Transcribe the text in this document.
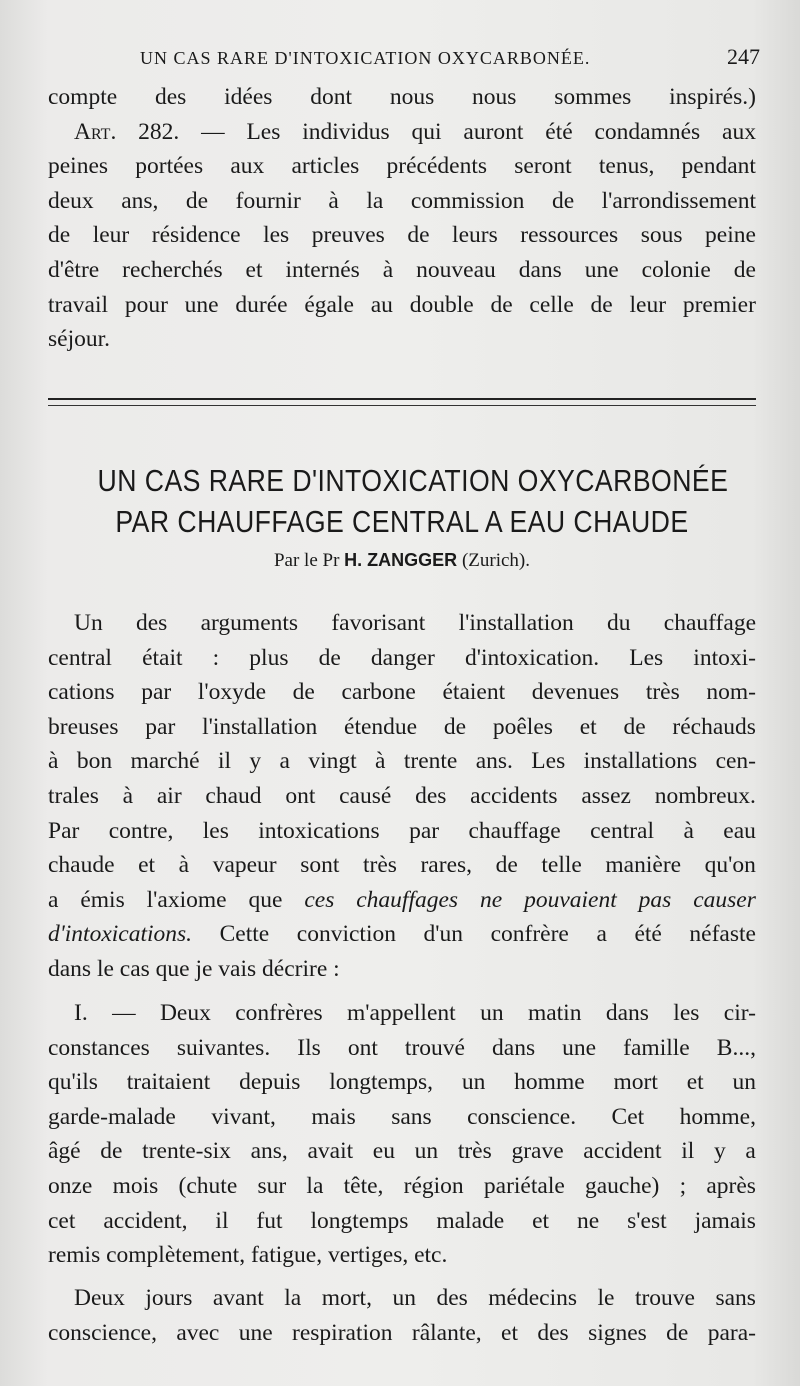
UN CAS RARE D'INTOXICATION OXYCARBONÉE.	247
compte des idées dont nous nous sommes inspirés.)
Art. 282. — Les individus qui auront été condamnés aux
peines portées aux articles précédents seront tenus, pendant
deux ans, de fournir à la commission de l'arrondissement
de leur résidence les preuves de leurs ressources sous peine
d'être recherchés et internés à nouveau dans une colonie de
travail pour une durée égale au double de celle de leur premier
séjour.
UN CAS RARE D'INTOXICATION OXYCARBONÉE
PAR CHAUFFAGE CENTRAL A EAU CHAUDE
Par le Pr H. ZANGGER (Zurich).
Un des arguments favorisant l'installation du chauffage
central était : plus de danger d'intoxication. Les intoxi-
cations par l'oxyde de carbone étaient devenues très nom-
breuses par l'installation étendue de poêles et de réchauds
à bon marché il y a vingt à trente ans. Les installations cen-
trales à air chaud ont causé des accidents assez nombreux.
Par contre, les intoxications par chauffage central à eau
chaude et à vapeur sont très rares, de telle manière qu'on
a émis l'axiome que ces chauffages ne pouvaient pas causer
d'intoxications. Cette conviction d'un confrère a été néfaste
dans le cas que je vais décrire :
I. — Deux confrères m'appellent un matin dans les cir-
constances suivantes. Ils ont trouvé dans une famille B...,
qu'ils traitaient depuis longtemps, un homme mort et un
garde-malade vivant, mais sans conscience. Cet homme,
âgé de trente-six ans, avait eu un très grave accident il y a
onze mois (chute sur la tête, région pariétale gauche) ; après
cet accident, il fut longtemps malade et ne s'est jamais
remis complètement, fatigue, vertiges, etc.
Deux jours avant la mort, un des médecins le trouve sans
conscience, avec une respiration râlante, et des signes de para-
